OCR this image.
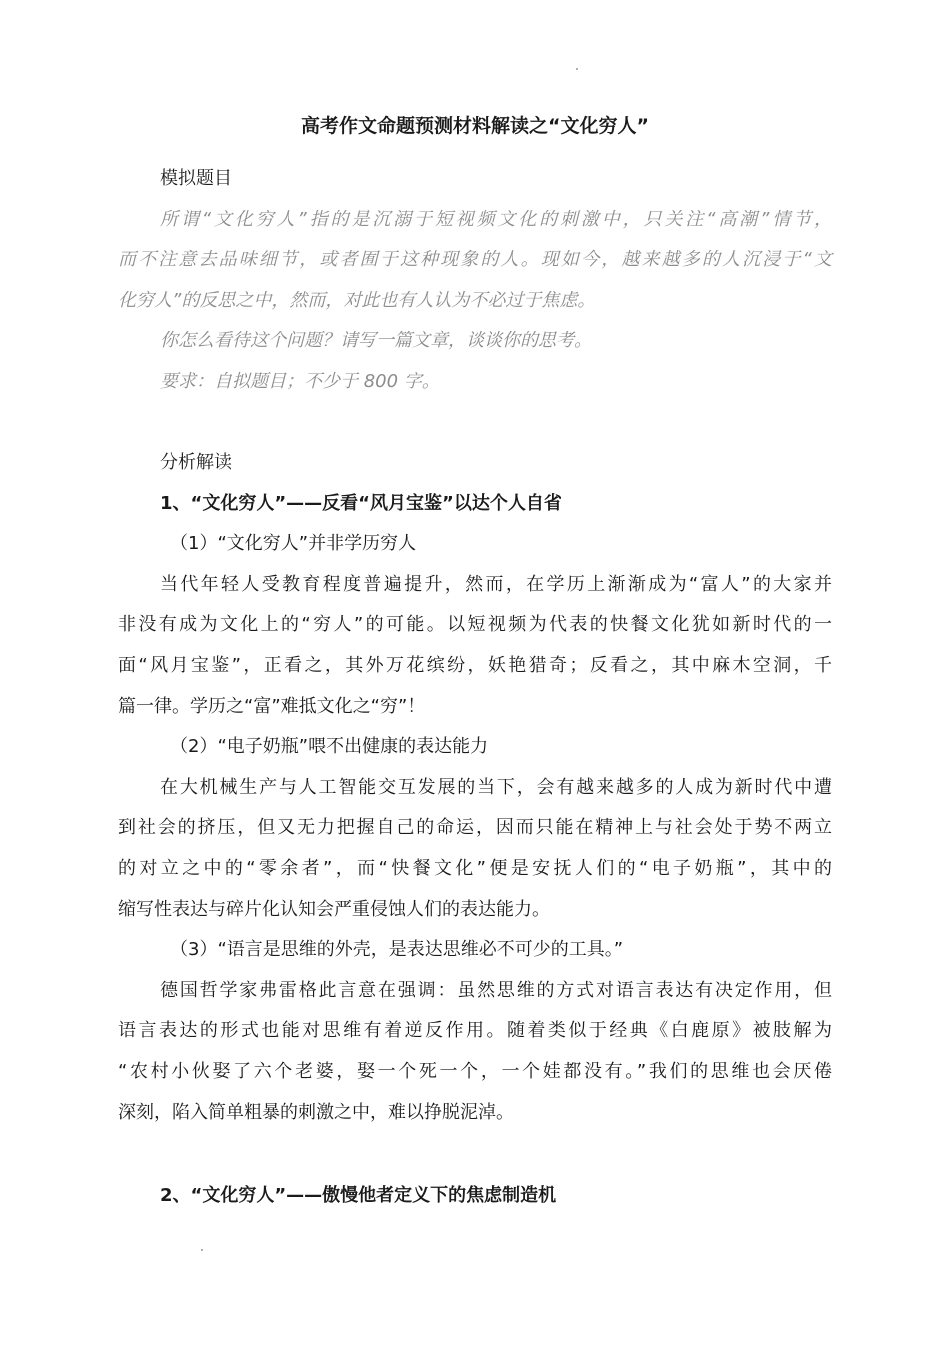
高考作文命题预测材料解读之“文化穷人”
模拟题目
所谓“文化穷人”指的是沉溺于短视频文化的刺激中，只关注“高潮”情节，
而不注意去品味细节，或者囿于这种现象的人。现如今，越来越多的人沉浸于“文
化穷人”的反思之中，然而，对此也有人认为不必过于焦虑。
你怎么看待这个问题？请写一篇文章，谈谈你的思考。
要求：自拟题目；不少于 800 字。
分析解读
1、“文化穷人”——反看“风月宝鉴”以达个人自省
（1）“文化穷人”并非学历穷人
当代年轻人受教育程度普遍提升，然而，在学历上渐渐成为“富人”的大家并
非没有成为文化上的“穷人”的可能。以短视频为代表的快餐文化犹如新时代的一
面“风月宝鉴”，正看之，其外万花缤纷，妖艳猎奇；反看之，其中麻木空洞，千
篇一律。学历之“富”难抵文化之“穷”！
（2）“电子奶瓶”喂不出健康的表达能力
在大机械生产与人工智能交互发展的当下，会有越来越多的人成为新时代中遭
到社会的挤压，但又无力把握自己的命运，因而只能在精神上与社会处于势不两立
的对立之中的“零余者”，而“快餐文化”便是安抚人们的“电子奶瓶”，其中的
缩写性表达与碎片化认知会严重侵蚀人们的表达能力。
（3）“语言是思维的外壳，是表达思维必不可少的工具。”
德国哲学家弗雷格此言意在强调：虽然思维的方式对语言表达有决定作用，但
语言表达的形式也能对思维有着逆反作用。随着类似于经典《白鹿原》被肢解为
“农村小伙娶了六个老婆，娶一个死一个，一个娃都没有。”我们的思维也会厌倦
深刻，陷入简单粗暴的刺激之中，难以挣脱泥淖。
2、“文化穷人”——傲慢他者定义下的焦虑制造机
